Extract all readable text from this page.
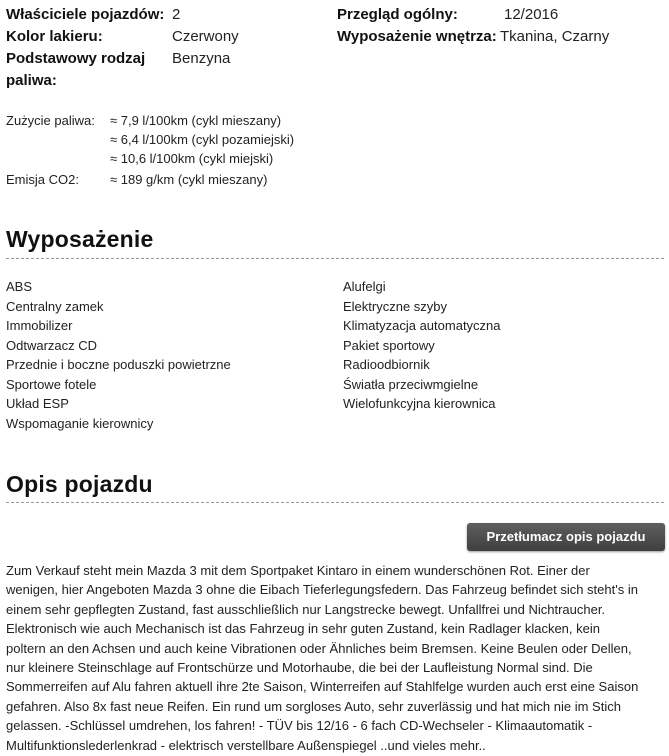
Właściciele pojazdów: 2	Przegląd ogólny:	12/2016
Kolor lakieru:	Czerwony	Wyposażenie wnętrza: Tkanina, Czarny
Podstawowy rodzaj
paliwa:
Benzyna
Zużycie paliwa: ≈ 7,9 l/100km (cykl mieszany)
≈ 6,4 l/100km (cykl pozamiejski)
≈ 10,6 l/100km (cykl miejski)
Emisja CO2: ≈ 189 g/km (cykl mieszany)
Wyposażenie
ABS
Centralny zamek
Immobilizer
Odtwarzacz CD
Przednie i boczne poduszki powietrzne
Sportowe fotele
Układ ESP
Wspomaganie kierownicy
Alufelgi
Elektryczne szyby
Klimatyzacja automatyczna
Pakiet sportowy
Radioodbiornik
Światła przeciwmgielne
Wielofunkcyjna kierownica
Opis pojazdu
Przetłumacz opis pojazdu
Zum Verkauf steht mein Mazda 3 mit dem Sportpaket Kintaro in einem wunderschönen Rot. Einer der
wenigen, hier Angeboten Mazda 3 ohne die Eibach Tieferlegungsfedern. Das Fahrzeug befindet sich steht's in
einem sehr gepflegten Zustand, fast ausschließlich nur Langstrecke bewegt. Unfallfrei und Nichtraucher.
Elektronisch wie auch Mechanisch ist das Fahrzeug in sehr guten Zustand, kein Radlager klacken, kein
poltern an den Achsen und auch keine Vibrationen oder Ähnliches beim Bremsen. Keine Beulen oder Dellen,
nur kleinere Steinschlage auf Frontschürze und Motorhaube, die bei der Laufleistung Normal sind. Die
Sommerreifen auf Alu fahren aktuell ihre 2te Saison, Winterreifen auf Stahlfelge wurden auch erst eine Saison
gefahren. Also 8x fast neue Reifen. Ein rund um sorgloses Auto, sehr zuverlässig und hat mich nie im Stich
gelassen. -Schlüssel umdrehen, los fahren! - TÜV bis 12/16 - 6 fach CD-Wechseler - Klimaautomatik -
Multifunktionslederlenkrad - elektrisch verstellbare Außenspiegel ..und vieles mehr..
